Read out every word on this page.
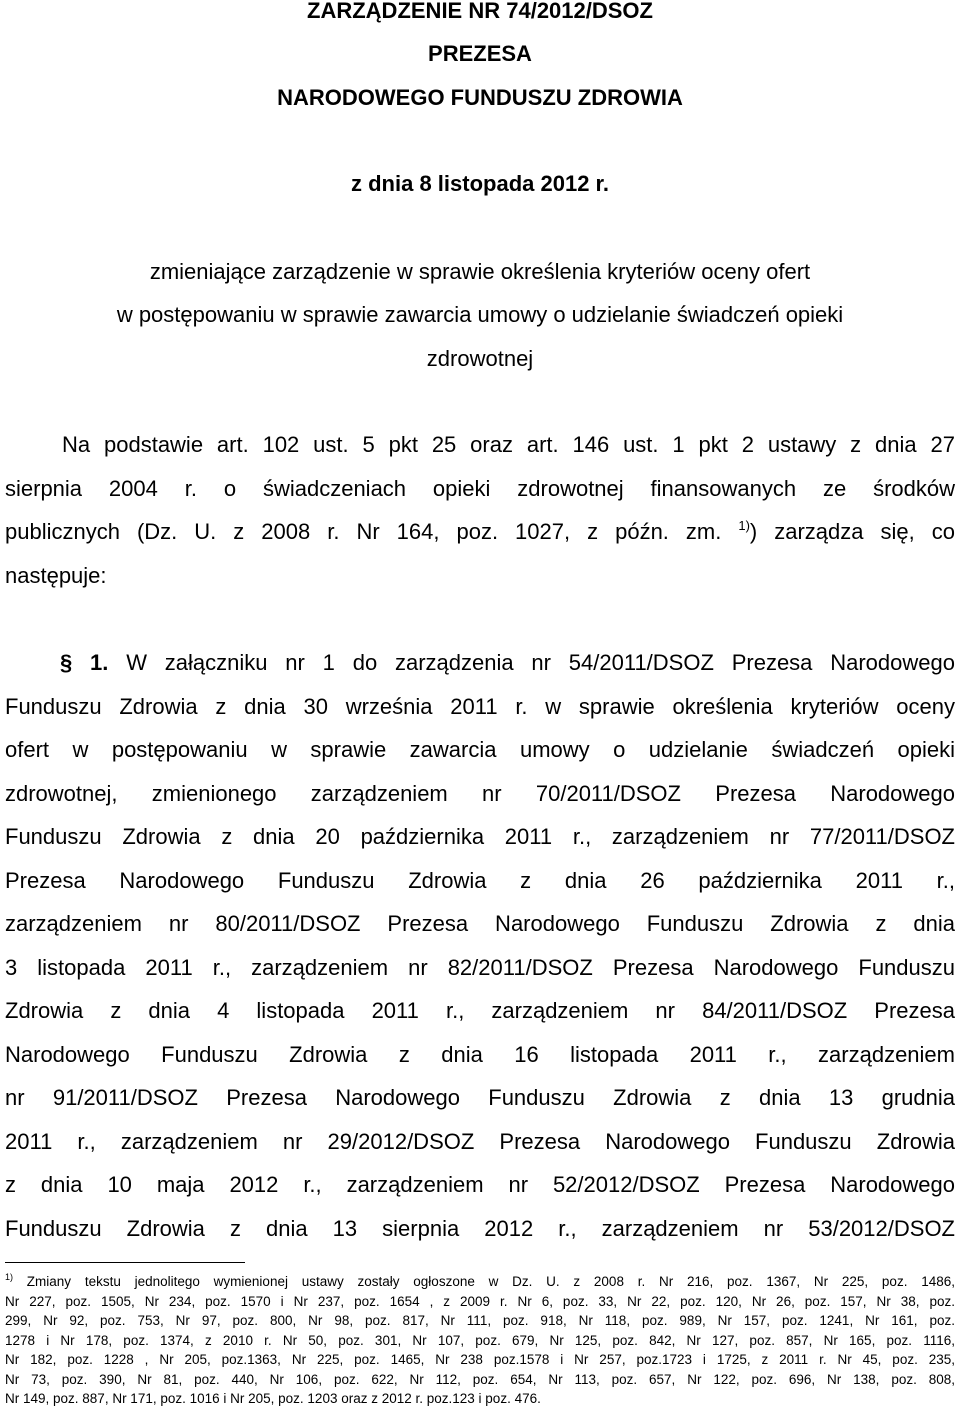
ZARZĄDZENIE NR 74/2012/DSOZ

PREZESA

NARODOWEGO FUNDUSZU ZDROWIA

z dnia 8 listopada 2012 r.

zmieniające zarządzenie w sprawie określenia kryteriów oceny ofert

w postępowaniu w sprawie zawarcia umowy o udzielanie świadczeń opieki

zdrowotnej

Na podstawie art. 102 ust. 5 pkt 25 oraz art. 146 ust. 1 pkt 2 ustawy z dnia 27

sierpnia 2004 r. o świadczeniach opieki zdrowotnej finansowanych ze środków

publicznych (Dz. U. z 2008 r. Nr 164, poz. 1027, z późn. zm. $^{1)}$) zarządza się, co

następuje:

§ 1. W załączniku nr 1 do zarządzenia nr 54/2011/DSOZ Prezesa Narodowego

Funduszu Zdrowia z dnia 30 września 2011 r. w sprawie określenia kryteriów oceny

ofert w postępowaniu w sprawie zawarcia umowy o udzielanie świadczeń opieki

zdrowotnej, zmienionego zarządzeniem nr 70/2011/DSOZ Prezesa Narodowego

Funduszu Zdrowia z dnia 20 października 2011 r., zarządzeniem nr 77/2011/DSOZ

Prezesa Narodowego Funduszu Zdrowia z dnia 26 października 2011 r.,

zarządzeniem nr 80/2011/DSOZ Prezesa Narodowego Funduszu Zdrowia z dnia

3 listopada 2011 r., zarządzeniem nr 82/2011/DSOZ Prezesa Narodowego Funduszu

Zdrowia z dnia 4 listopada 2011 r., zarządzeniem nr 84/2011/DSOZ Prezesa

Narodowego Funduszu Zdrowia z dnia 16 listopada 2011 r., zarządzeniem

nr 91/2011/DSOZ Prezesa Narodowego Funduszu Zdrowia z dnia 13 grudnia

2011 r., zarządzeniem nr 29/2012/DSOZ Prezesa Narodowego Funduszu Zdrowia

z dnia 10 maja 2012 r., zarządzeniem nr 52/2012/DSOZ Prezesa Narodowego

Funduszu Zdrowia z dnia 13 sierpnia 2012 r., zarządzeniem nr 53/2012/DSOZ

$^{1)}$ Zmiany tekstu jednolitego wymienionej ustawy zostały ogłoszone w Dz. U. z 2008 r. Nr 216, poz. 1367, Nr 225, poz. 1486,

Nr 227, poz. 1505, Nr 234, poz. 1570 i Nr 237, poz. 1654 , z 2009 r. Nr 6, poz. 33, Nr 22, poz. 120, Nr 26, poz. 157, Nr 38, poz.

299, Nr 92, poz. 753, Nr 97, poz. 800, Nr 98, poz. 817, Nr 111, poz. 918, Nr 118, poz. 989, Nr 157, poz. 1241, Nr 161, poz.

1278 i Nr 178, poz. 1374, z 2010 r. Nr 50, poz. 301, Nr 107, poz. 679, Nr 125, poz. 842, Nr 127, poz. 857, Nr 165, poz. 1116,

Nr 182, poz. 1228 , Nr 205, poz.1363, Nr 225, poz. 1465, Nr 238 poz.1578 i Nr 257, poz.1723 i 1725, z 2011 r. Nr 45, poz. 235,

Nr 73, poz. 390, Nr 81, poz. 440, Nr 106, poz. 622, Nr 112, poz. 654, Nr 113, poz. 657, Nr 122, poz. 696, Nr 138, poz. 808,

Nr 149, poz. 887, Nr 171, poz. 1016 i Nr 205, poz. 1203 oraz z 2012 r. poz.123 i poz. 476.
